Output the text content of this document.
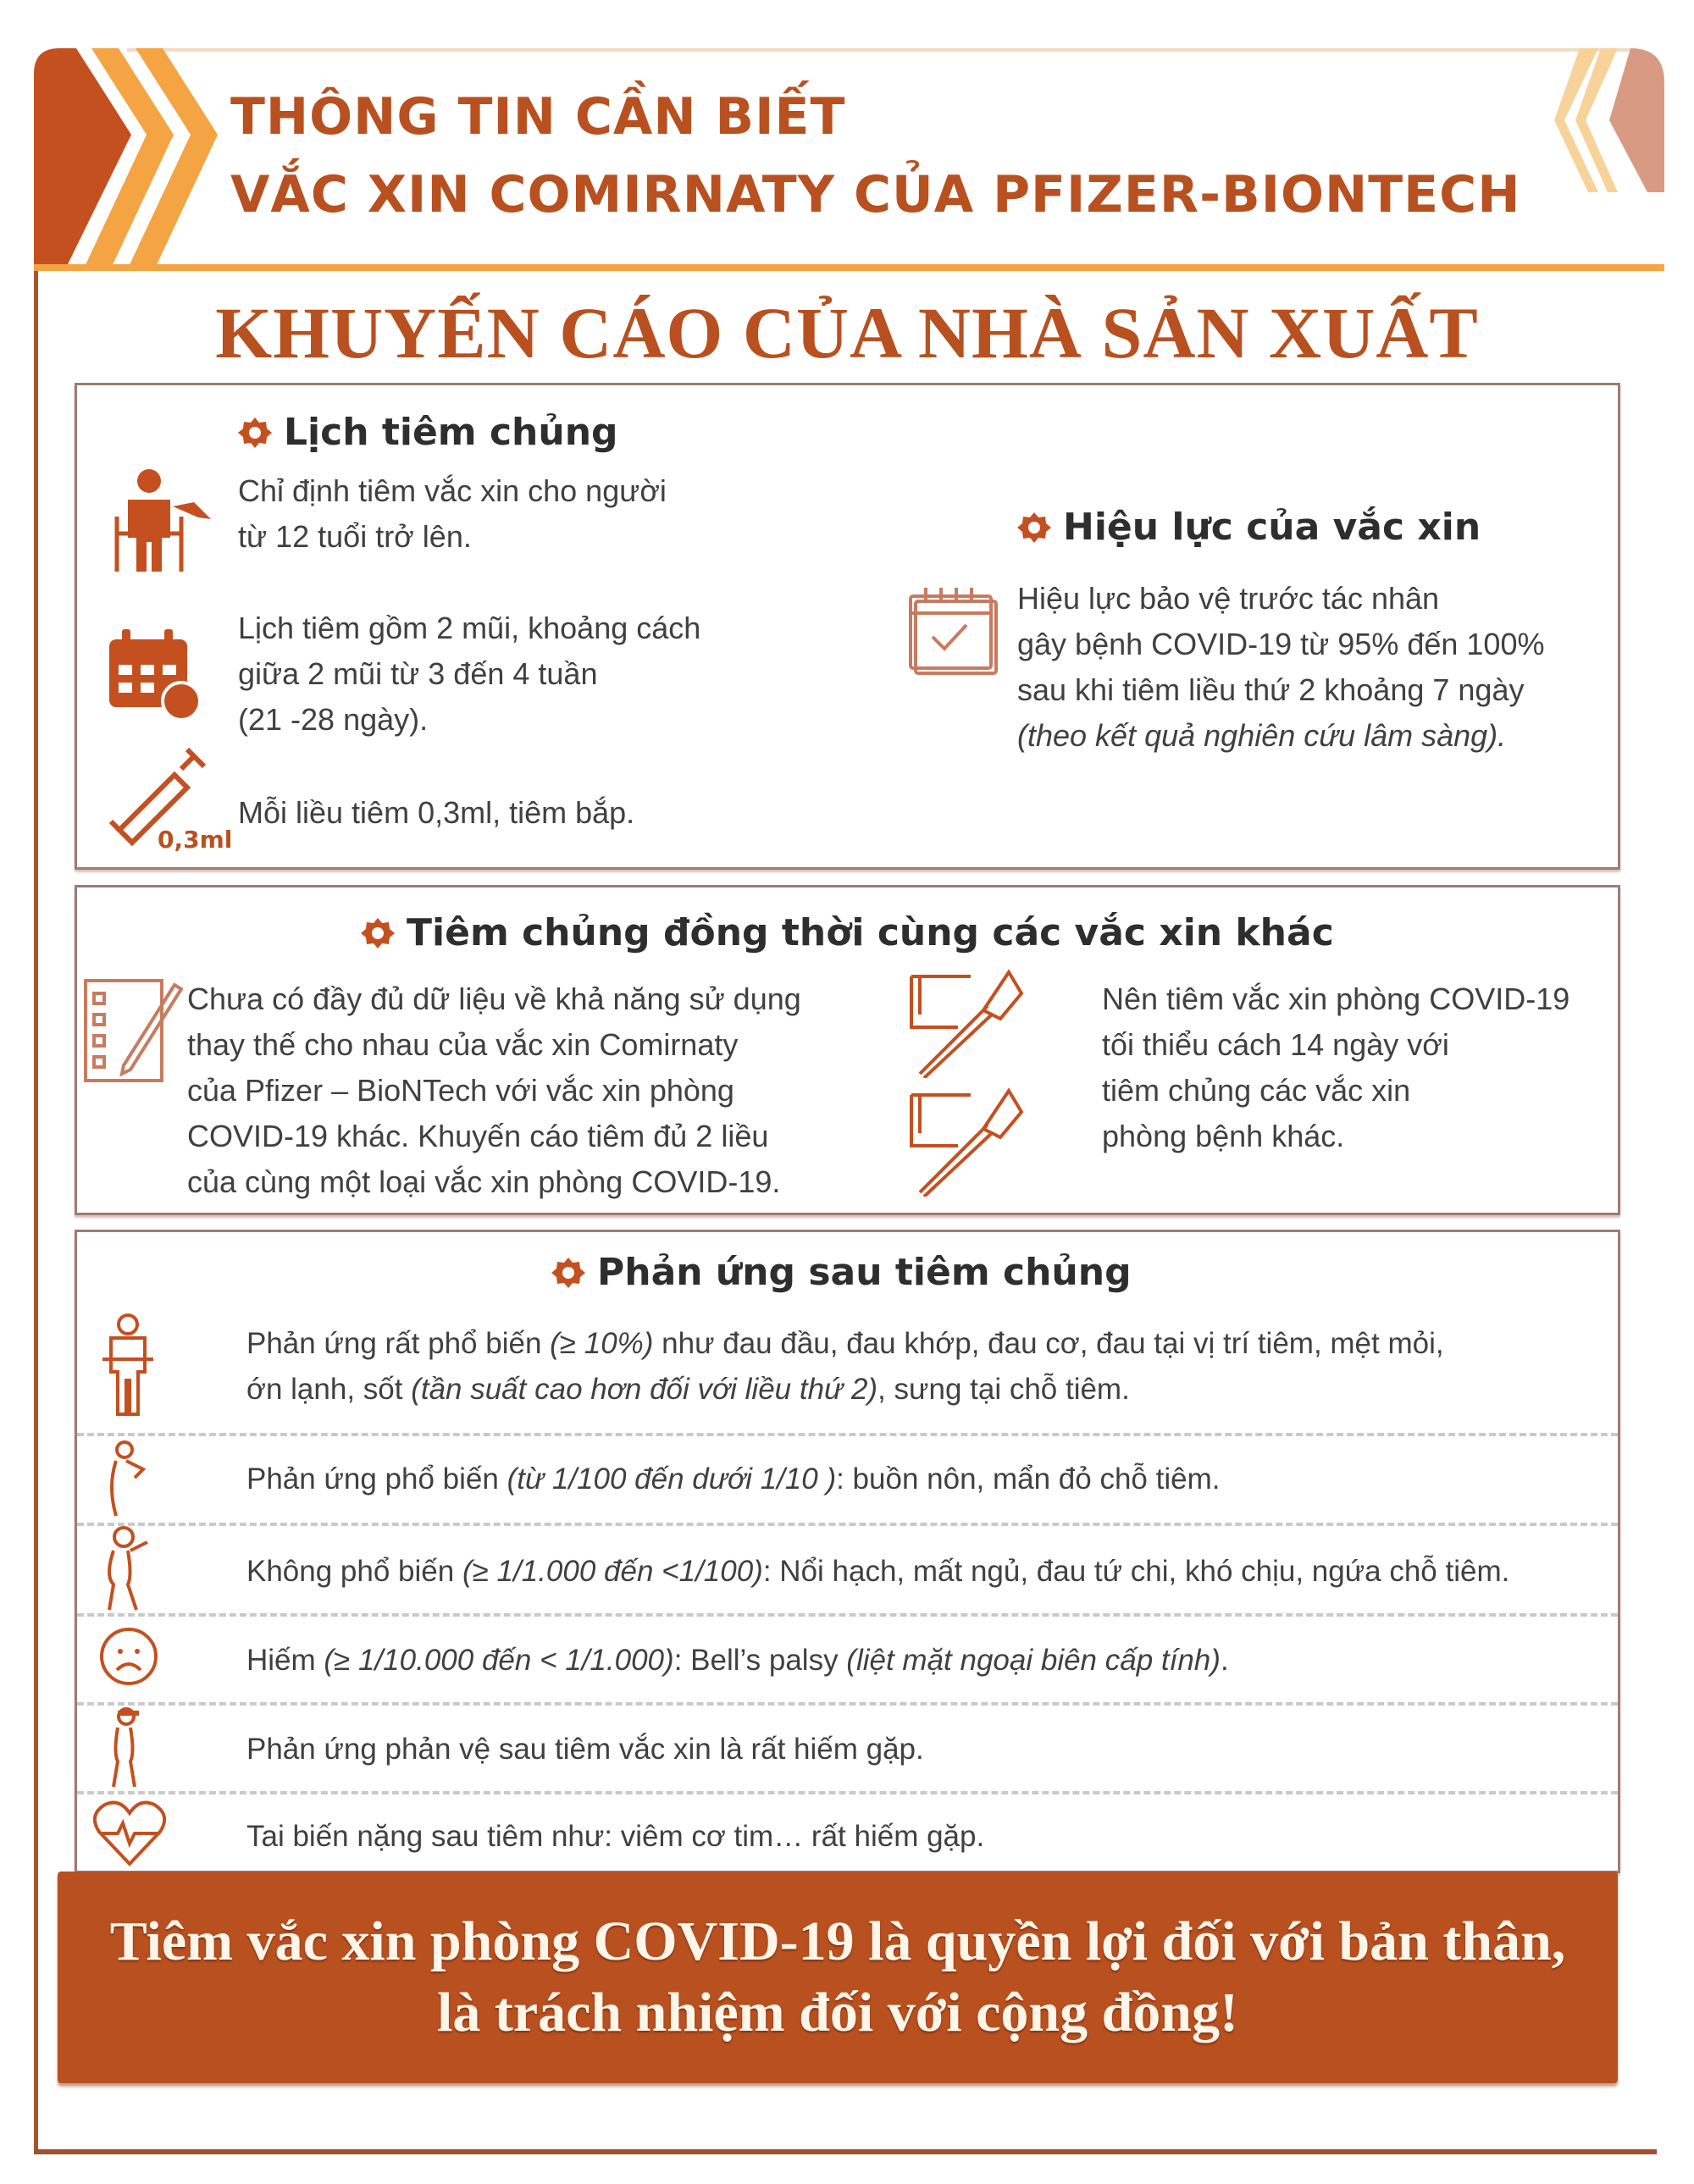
THÔNG TIN CẦN BIẾT
VẮC XIN COMIRNATY CỦA PFIZER-BIONTECH
KHUYẾN CÁO CỦA NHÀ SẢN XUẤT
Lịch tiêm chủng
Chỉ định tiêm vắc xin cho người
từ 12 tuổi trở lên.
Lịch tiêm gồm 2 mũi, khoảng cách
giữa 2 mũi từ 3 đến 4 tuần
(21 -28 ngày).
0,3ml
Mỗi liều tiêm 0,3ml, tiêm bắp.
Hiệu lực của vắc xin
Hiệu lực bảo vệ trước tác nhân
gây bệnh COVID-19 từ 95% đến 100%
sau khi tiêm liều thứ 2 khoảng 7 ngày
(theo kết quả nghiên cứu lâm sàng).
Tiêm chủng đồng thời cùng các vắc xin khác
Chưa có đầy đủ dữ liệu về khả năng sử dụng
thay thế cho nhau của vắc xin Comirnaty
của Pfizer – BioNTech với vắc xin phòng
COVID-19 khác. Khuyến cáo tiêm đủ 2 liều
của cùng một loại vắc xin phòng COVID-19.
Nên tiêm vắc xin phòng COVID-19
tối thiểu cách 14 ngày với
tiêm chủng các vắc xin
phòng bệnh khác.
Phản ứng sau tiêm chủng
Phản ứng rất phổ biến (≥ 10%) như đau đầu, đau khớp, đau cơ, đau tại vị trí tiêm, mệt mỏi,
ớn lạnh, sốt (tần suất cao hơn đối với liều thứ 2), sưng tại chỗ tiêm.
Phản ứng phổ biến (từ 1/100 đến dưới 1/10 ): buồn nôn, mẩn đỏ chỗ tiêm.
Không phổ biến (≥ 1/1.000 đến <1/100): Nổi hạch, mất ngủ, đau tứ chi, khó chịu, ngứa chỗ tiêm.
Hiếm (≥ 1/10.000 đến < 1/1.000): Bell’s palsy (liệt mặt ngoại biên cấp tính).
Phản ứng phản vệ sau tiêm vắc xin là rất hiếm gặp.
Tai biến nặng sau tiêm như: viêm cơ tim… rất hiếm gặp.
Tiêm vắc xin phòng COVID-19 là quyền lợi đối với bản thân,
là trách nhiệm đối với cộng đồng!
